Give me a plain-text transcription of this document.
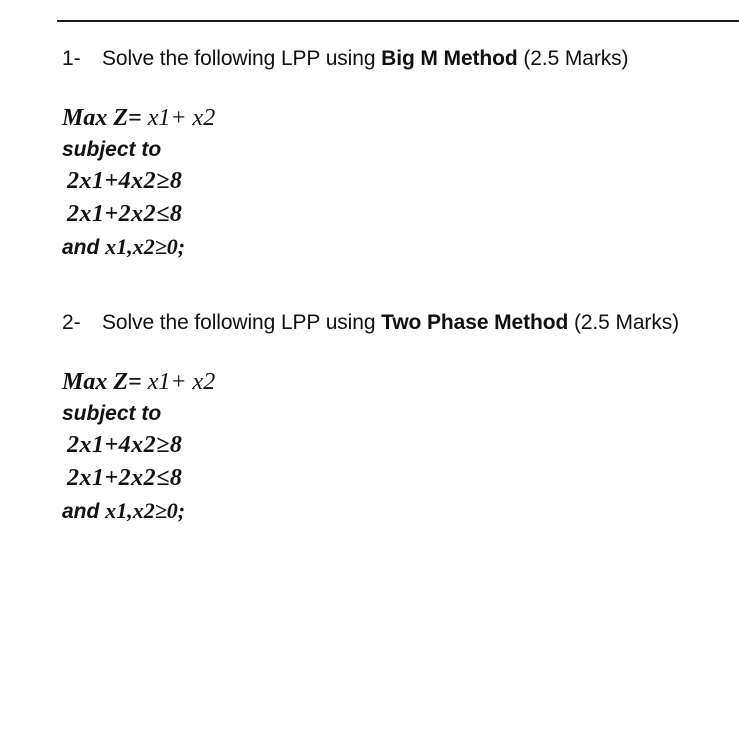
1- Solve the following LPP using Big M Method (2.5 Marks)
Max Z= x1+ x2
subject to
2x1+4x2≥8
2x1+2x2≤8
and x1,x2≥0;
2- Solve the following LPP using Two Phase Method (2.5 Marks)
Max Z= x1+ x2
subject to
2x1+4x2≥8
2x1+2x2≤8
and x1,x2≥0;
